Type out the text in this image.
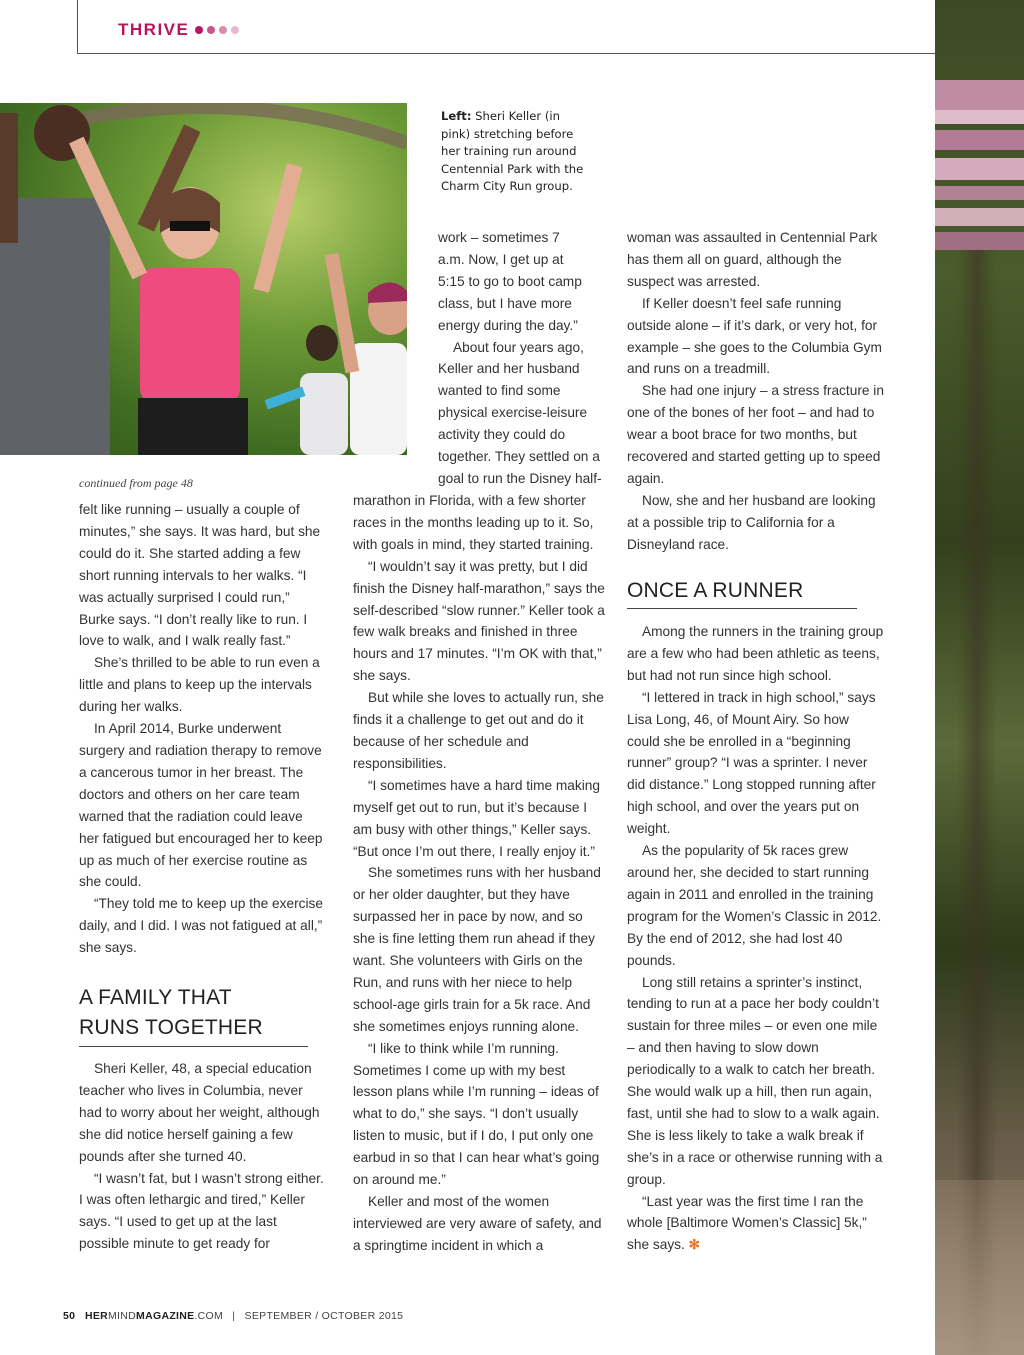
THRIVE
Left: Sheri Keller (in pink) stretching before her training run around Centennial Park with the Charm City Run group.
continued from page 48

felt like running – usually a couple of minutes,” she says. It was hard, but she could do it. She started adding a few short running intervals to her walks. “I was actually surprised I could run,” Burke says. “I don’t really like to run. I love to walk, and I walk really fast.”

She’s thrilled to be able to run even a little and plans to keep up the intervals during her walks.

In April 2014, Burke underwent surgery and radiation therapy to remove a cancerous tumor in her breast. The doctors and others on her care team warned that the radiation could leave her fatigued but encouraged her to keep up as much of her exercise routine as she could.

“They told me to keep up the exercise daily, and I did. I was not fatigued at all,” she says.

A FAMILY THAT
RUNS TOGETHER

Sheri Keller, 48, a special education teacher who lives in Columbia, never had to worry about her weight, although she did notice herself gaining a few pounds after she turned 40.

“I wasn’t fat, but I wasn’t strong either. I was often lethargic and tired,” Keller says. “I used to get up at the last possible minute to get ready for

work – sometimes 7
a.m. Now, I get up at
5:15 to go to boot camp
class, but I have more
energy during the day.”
About four years ago,
Keller and her husband
wanted to find some
physical exercise-leisure
activity they could do
together. They settled on a
goal to run the Disney half-

marathon in Florida, with a few shorter races in the months leading up to it. So, with goals in mind, they started training.

“I wouldn’t say it was pretty, but I did finish the Disney half-marathon,” says the self-described “slow runner.” Keller took a few walk breaks and finished in three hours and 17 minutes. “I’m OK with that,” she says.

But while she loves to actually run, she finds it a challenge to get out and do it because of her schedule and responsibilities.

“I sometimes have a hard time making myself get out to run, but it’s because I am busy with other things,” Keller says. “But once I’m out there, I really enjoy it.”

She sometimes runs with her husband or her older daughter, but they have surpassed her in pace by now, and so she is fine letting them run ahead if they want. She volunteers with Girls on the Run, and runs with her niece to help school-age girls train for a 5k race. And she sometimes enjoys running alone.

“I like to think while I’m running. Sometimes I come up with my best lesson plans while I’m running – ideas of what to do,” she says. “I don’t usually listen to music, but if I do, I put only one earbud in so that I can hear what’s going on around me.”

Keller and most of the women interviewed are very aware of safety, and a springtime incident in which a

woman was assaulted in Centennial Park has them all on guard, although the suspect was arrested.

If Keller doesn’t feel safe running outside alone – if it’s dark, or very hot, for example – she goes to the Columbia Gym and runs on a treadmill.

She had one injury – a stress fracture in one of the bones of her foot – and had to wear a boot brace for two months, but recovered and started getting up to speed again.

Now, she and her husband are looking at a possible trip to California for a Disneyland race.

ONCE A RUNNER

Among the runners in the training group are a few who had been athletic as teens, but had not run since high school.

“I lettered in track in high school,” says Lisa Long, 46, of Mount Airy. So how could she be enrolled in a “beginning runner” group? “I was a sprinter. I never did distance.” Long stopped running after high school, and over the years put on weight.

As the popularity of 5k races grew around her, she decided to start running again in 2011 and enrolled in the training program for the Women’s Classic in 2012. By the end of 2012, she had lost 40 pounds.

Long still retains a sprinter’s instinct, tending to run at a pace her body couldn’t sustain for three miles – or even one mile – and then having to slow down periodically to a walk to catch her breath. She would walk up a hill, then run again, fast, until she had to slow to a walk again. She is less likely to take a walk break if she’s in a race or otherwise running with a group.

“Last year was the first time I ran the whole [Baltimore Women’s Classic] 5k,” she says. ✻

50 HERMINDMAGAZINE.COM | SEPTEMBER / OCTOBER 2015
